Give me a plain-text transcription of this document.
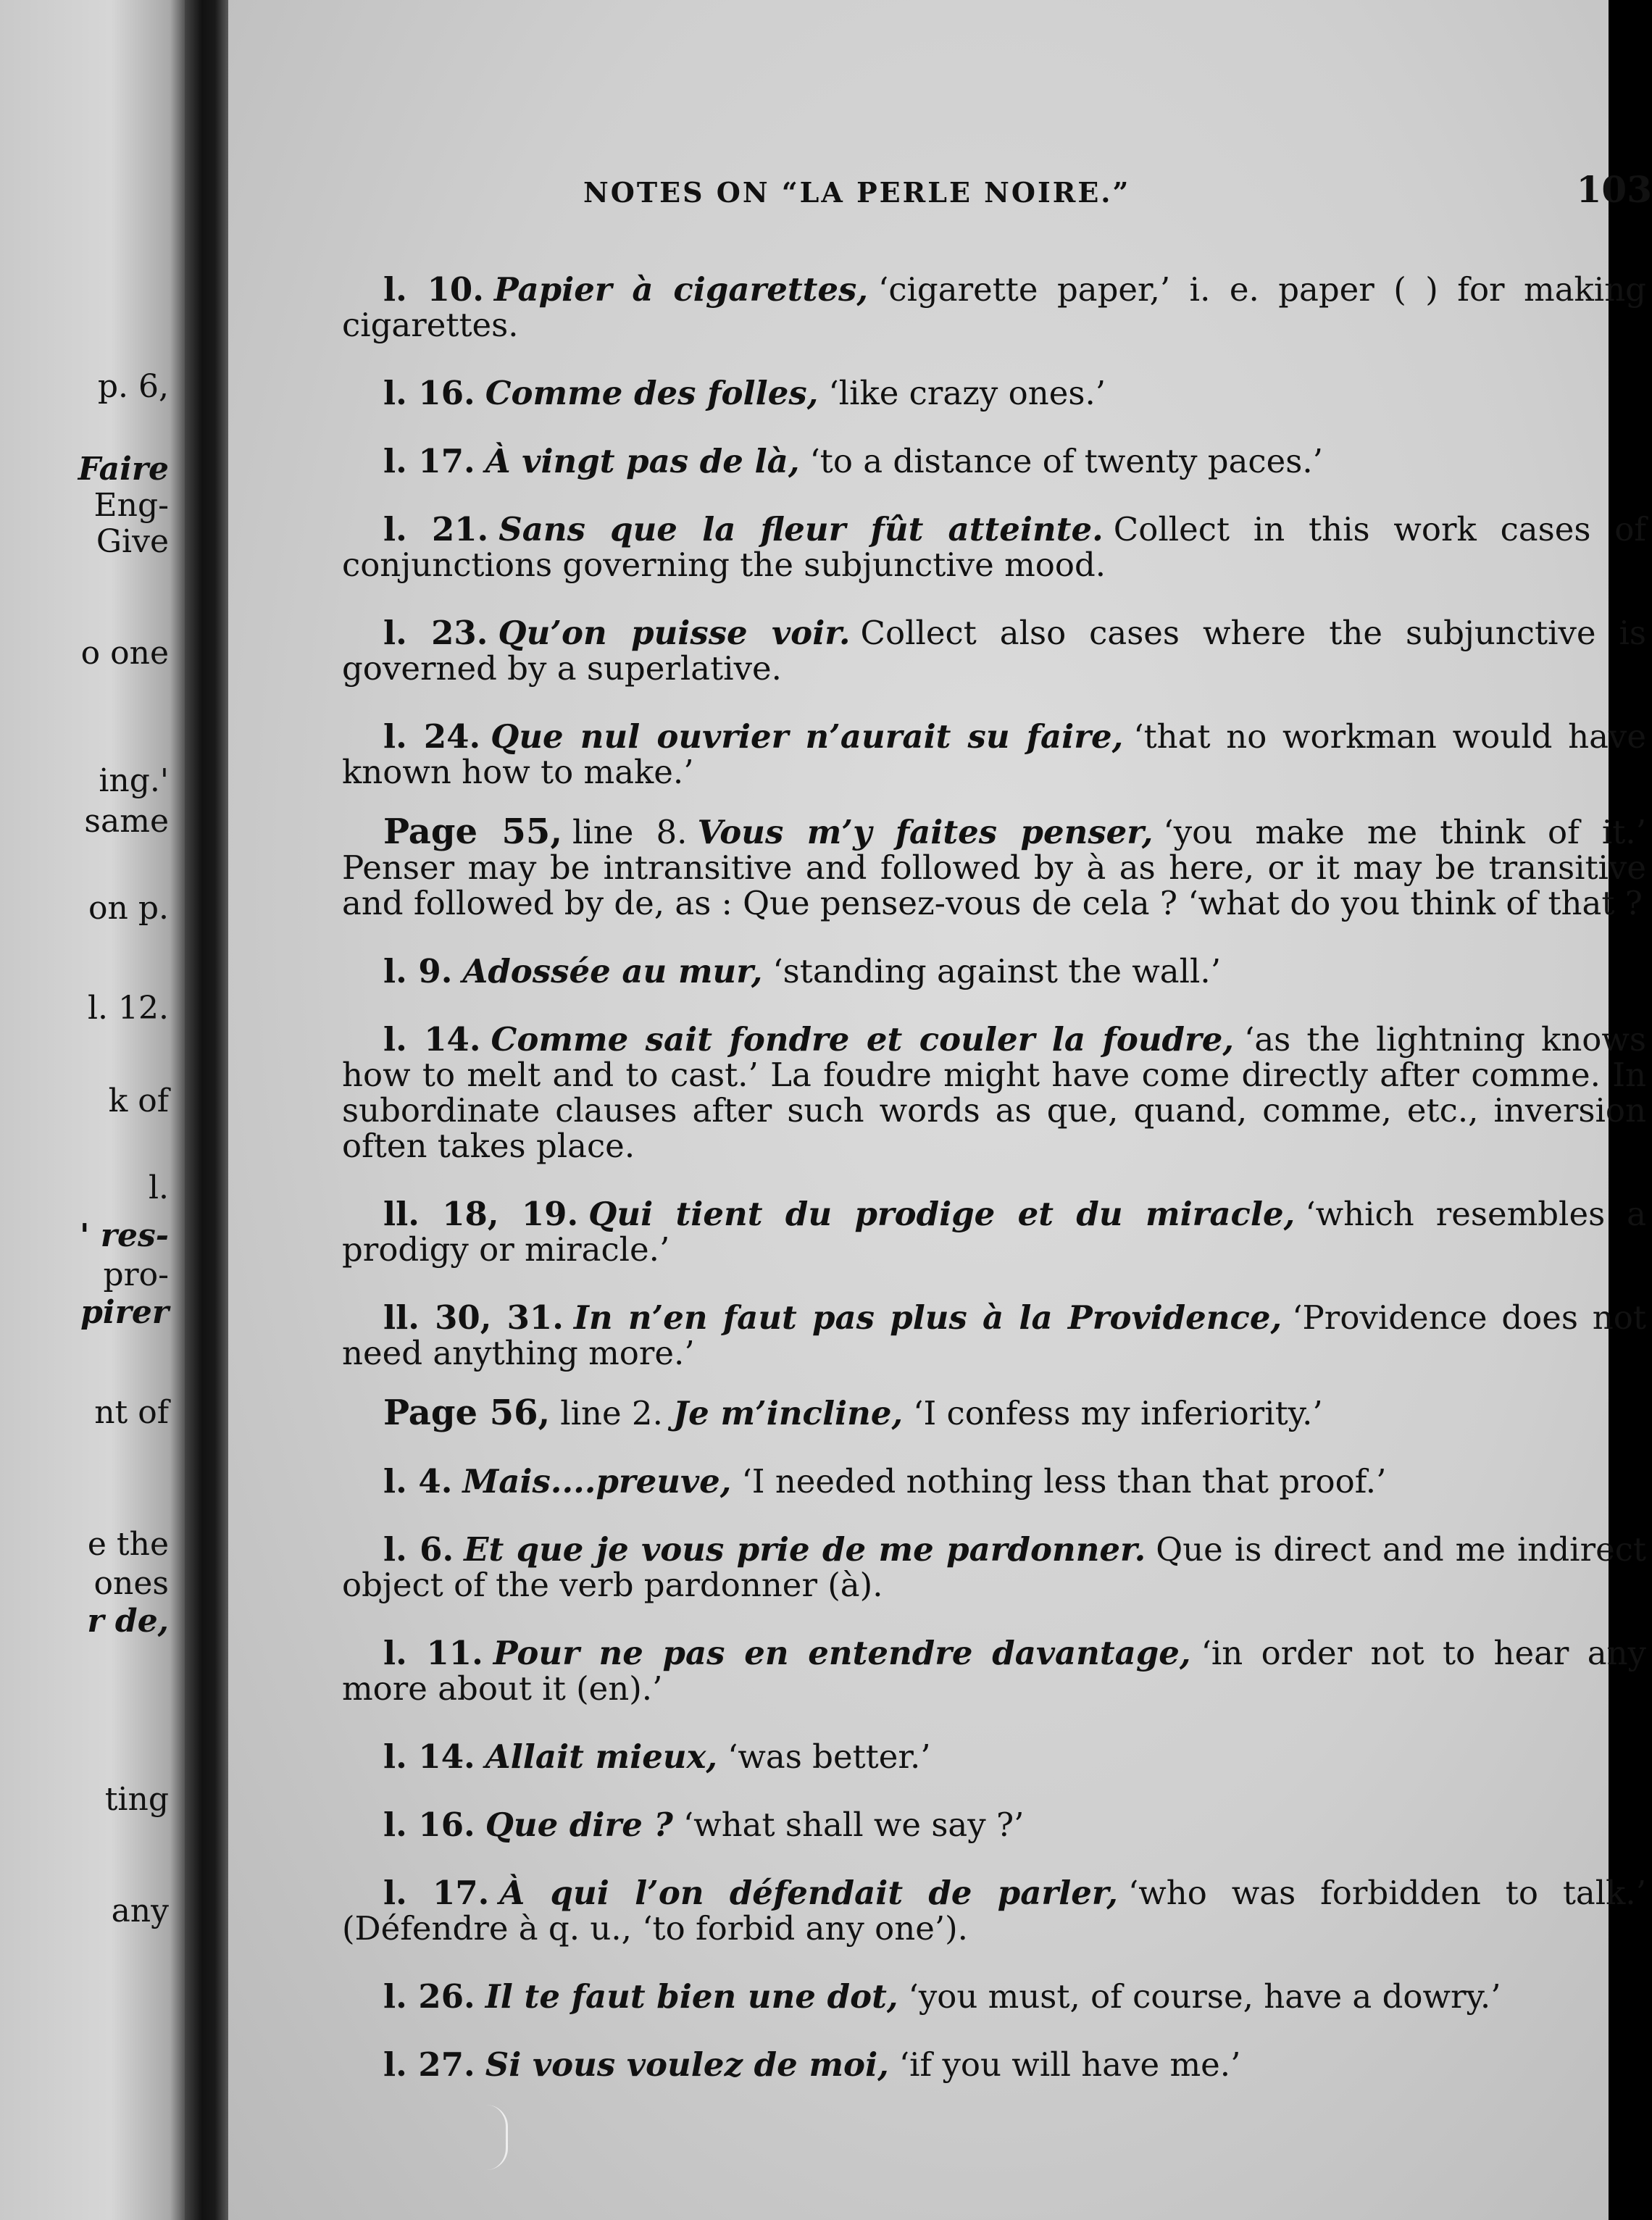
p. 6,
Faire
Eng-
Give
o one
ing.'
same
on p.
l. 12.
k of
l.
' res-
pro-
pirer
nt of
e the
ones
r de,
ting
any
NOTES ON “LA PERLE NOIRE.”	103

l. 10. Papier à cigarettes, ‘cigarette paper,’ i. e. paper ( ) for making cigarettes.

l. 16. Comme des folles, ‘like crazy ones.’

l. 17. À vingt pas de là, ‘to a distance of twenty paces.’

l. 21. Sans que la fleur fût atteinte. Collect in this work cases of conjunctions governing the subjunctive mood.

l. 23. Qu’on puisse voir. Collect also cases where the subjunctive is governed by a superlative.

l. 24. Que nul ouvrier n’aurait su faire, ‘that no workman would have known how to make.’

Page 55, line 8. Vous m’y faites penser, ‘you make me think of it.’ Penser may be intransitive and followed by à as here, or it may be transitive and followed by de, as : Que pensez-vous de cela ? ‘what do you think of that ?

l. 9. Adossée au mur, ‘standing against the wall.’

l. 14. Comme sait fondre et couler la foudre, ‘as the lightning knows how to melt and to cast.’ La foudre might have come directly after comme. In subordinate clauses after such words as que, quand, comme, etc., inversion often takes place.

ll. 18, 19. Qui tient du prodige et du miracle, ‘which resembles a prodigy or miracle.’

ll. 30, 31. In n’en faut pas plus à la Providence, ‘Providence does not need anything more.’

Page 56, line 2. Je m’incline, ‘I confess my inferiority.’

l. 4. Mais....preuve, ‘I needed nothing less than that proof.’

l. 6. Et que je vous prie de me pardonner. Que is direct and me indirect object of the verb pardonner (à).

l. 11. Pour ne pas en entendre davantage, ‘in order not to hear any more about it (en).’

l. 14. Allait mieux, ‘was better.’

l. 16. Que dire ? ‘what shall we say ?’

l. 17. À qui l’on défendait de parler, ‘who was forbidden to talk.’ (Défendre à q. u., ‘to forbid any one’).

l. 26. Il te faut bien une dot, ‘you must, of course, have a dowry.’

l. 27. Si vous voulez de moi, ‘if you will have me.’
